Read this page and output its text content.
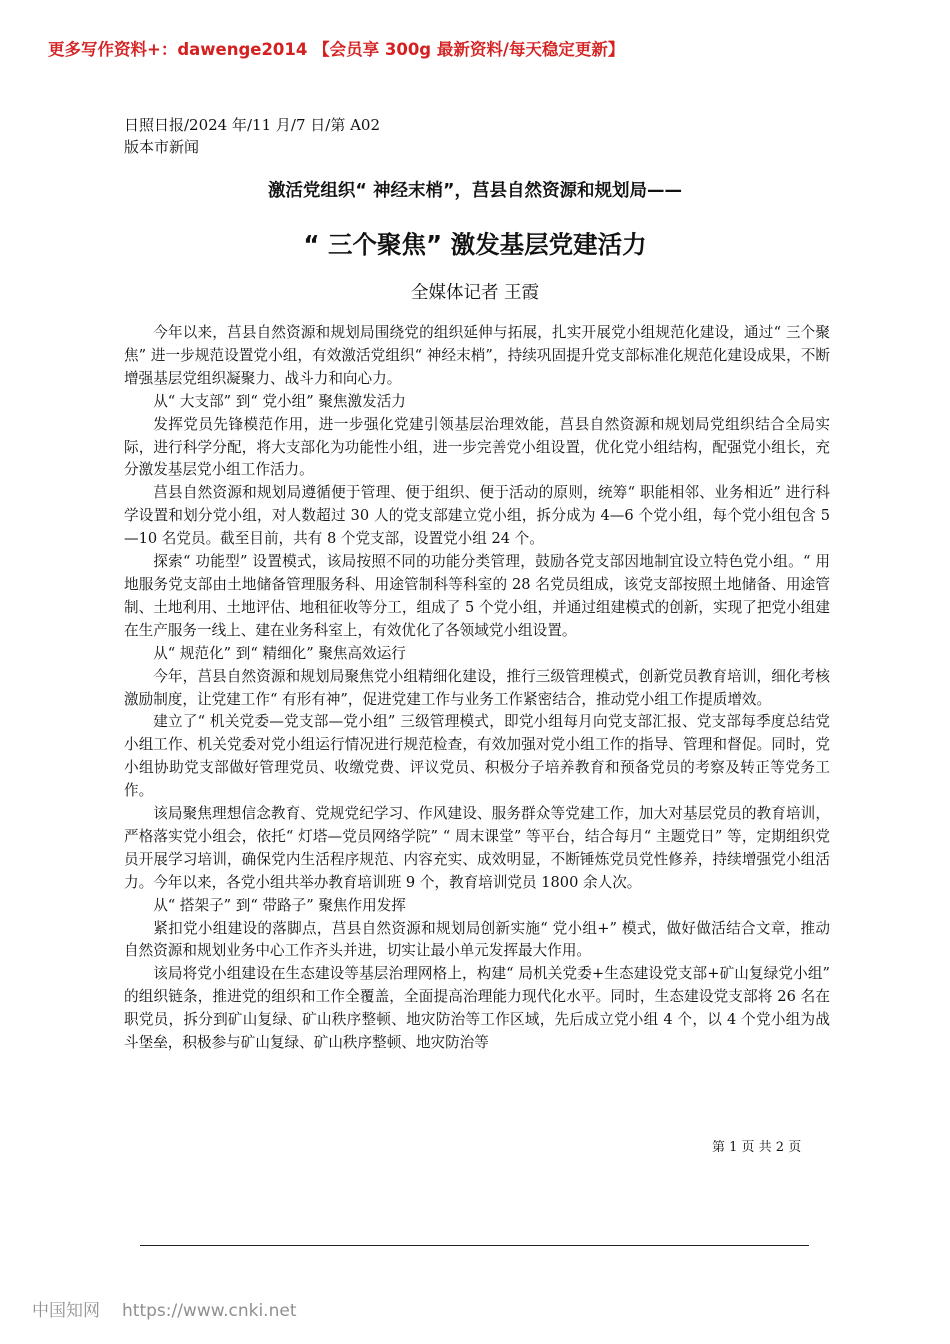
更多写作资料+：dawenge2014 【会员享 300g 最新资料/每天稳定更新】
日照日报/2024 年/11 月/7 日/第 A02
版本市新闻
激活党组织“ 神经末梢”，莒县自然资源和规划局——
“ 三个聚焦” 激发基层党建活力
全媒体记者 王霞

今年以来，莒县自然资源和规划局围绕党的组织延伸与拓展，扎实开展党小组规范化建设，通过“ 三个聚焦” 进一步规范设置党小组，有效激活党组织“ 神经末梢”，持续巩固提升党支部标准化规范化建设成果，不断增强基层党组织凝聚力、战斗力和向心力。

从“ 大支部” 到“ 党小组” 聚焦激发活力

发挥党员先锋模范作用，进一步强化党建引领基层治理效能，莒县自然资源和规划局党组织结合全局实际，进行科学分配，将大支部化为功能性小组，进一步完善党小组设置，优化党小组结构，配强党小组长，充分激发基层党小组工作活力。

莒县自然资源和规划局遵循便于管理、便于组织、便于活动的原则，统筹“ 职能相邻、业务相近” 进行科学设置和划分党小组，对人数超过 30 人的党支部建立党小组，拆分成为 4—6 个党小组，每个党小组包含 5—10 名党员。截至目前，共有 8 个党支部，设置党小组 24 个。

探索“ 功能型” 设置模式，该局按照不同的功能分类管理，鼓励各党支部因地制宜设立特色党小组。“ 用地服务党支部由土地储备管理服务科、用途管制科等科室的 28 名党员组成，该党支部按照土地储备、用途管制、土地利用、土地评估、地租征收等分工，组成了 5 个党小组，并通过组建模式的创新，实现了把党小组建在生产服务一线上、建在业务科室上，有效优化了各领域党小组设置。

从“ 规范化” 到“ 精细化” 聚焦高效运行

今年，莒县自然资源和规划局聚焦党小组精细化建设，推行三级管理模式，创新党员教育培训，细化考核激励制度，让党建工作“ 有形有神”，促进党建工作与业务工作紧密结合，推动党小组工作提质增效。

建立了“ 机关党委—党支部—党小组” 三级管理模式，即党小组每月向党支部汇报、党支部每季度总结党小组工作、机关党委对党小组运行情况进行规范检查，有效加强对党小组工作的指导、管理和督促。同时，党小组协助党支部做好管理党员、收缴党费、评议党员、积极分子培养教育和预备党员的考察及转正等党务工作。

该局聚焦理想信念教育、党规党纪学习、作风建设、服务群众等党建工作，加大对基层党员的教育培训，严格落实党小组会，依托“ 灯塔—党员网络学院” “ 周末课堂” 等平台，结合每月“ 主题党日” 等，定期组织党员开展学习培训，确保党内生活程序规范、内容充实、成效明显，不断锤炼党员党性修养，持续增强党小组活力。今年以来，各党小组共举办教育培训班 9 个，教育培训党员 1800 余人次。

从“ 搭架子” 到“ 带路子” 聚焦作用发挥

紧扣党小组建设的落脚点，莒县自然资源和规划局创新实施“ 党小组+” 模式，做好做活结合文章，推动自然资源和规划业务中心工作齐头并进，切实让最小单元发挥最大作用。

该局将党小组建设在生态建设等基层治理网格上，构建“ 局机关党委+生态建设党支部+矿山复绿党小组” 的组织链条，推进党的组织和工作全覆盖，全面提高治理能力现代化水平。同时，生态建设党支部将 26 名在职党员，拆分到矿山复绿、矿山秩序整顿、地灾防治等工作区域，先后成立党小组 4 个，以 4 个党小组为战斗堡垒，积极参与矿山复绿、矿山秩序整顿、地灾防治等

第 1 页 共 2 页
中国知网 https://www.cnki.net
